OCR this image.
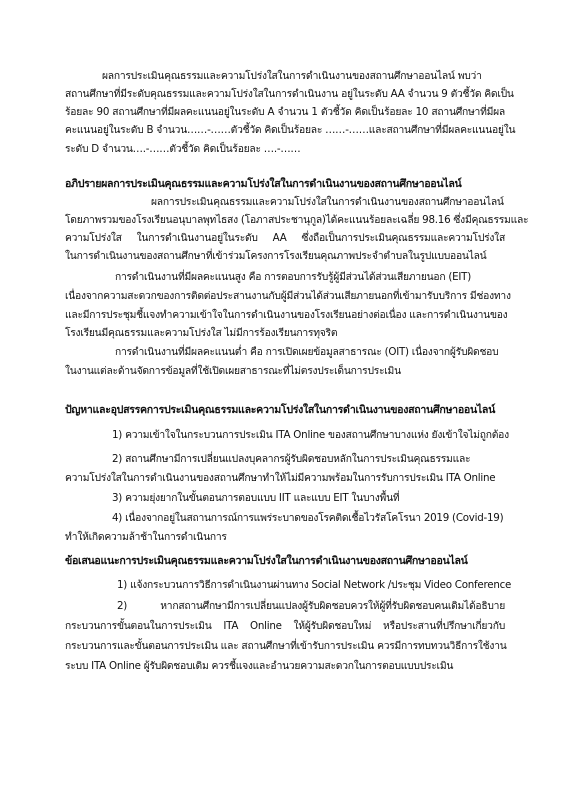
ผลการประเมินคุณธรรมและความโปร่งใสในการดำเนินงานของสถานศึกษาออนไลน์ พบว่า
สถานศึกษาที่มีระดับคุณธรรมและความโปร่งใสในการดำเนินงาน อยู่ในระดับ AA จำนวน 9 ตัวชี้วัด คิดเป็น
ร้อยละ 90 สถานศึกษาที่มีผลคะแนนอยู่ในระดับ A จำนวน 1 ตัวชี้วัด คิดเป็นร้อยละ 10 สถานศึกษาที่มีผล
คะแนนอยู่ในระดับ B จำนวน……-……ตัวชี้วัด คิดเป็นร้อยละ ……-……และสถานศึกษาที่มีผลคะแนนอยู่ใน
ระดับ D จำนวน….-……ตัวชี้วัด คิดเป็นร้อยละ ….-……
อภิปรายผลการประเมินคุณธรรมและความโปร่งใสในการดำเนินงานของสถานศึกษาออนไลน์
ผลการประเมินคุณธรรมและความโปร่งใสในการดำเนินงานของสถานศึกษาออนไลน์
โดยภาพรวมของโรงเรียนอนุบาลพุทไธสง (โอภาสประชานุกูล)ได้คะแนนร้อยละเฉลี่ย 98.16 ซึ่งมีคุณธรรมและ
ความโปร่งใส ในการดำเนินงานอยู่ในระดับ AA ซึ่งถือเป็นการประเมินคุณธรรมและความโปร่งใส
ในการดำเนินงานของสถานศึกษาที่เข้าร่วมโครงการโรงเรียนคุณภาพประจำตำบลในรูปแบบออนไลน์
การดำเนินงานที่มีผลคะแนนสูง คือ การตอบการรับรู้ผู้มีส่วนได้ส่วนเสียภายนอก (EIT)
เนื่องจากความสะดวกของการติดต่อประสานงานกับผู้มีส่วนได้ส่วนเสียภายนอกที่เข้ามารับบริการ มีช่องทาง
และมีการประชุมชี้แจงทำความเข้าใจในการดำเนินงานของโรงเรียนอย่างต่อเนื่อง และการดำเนินงานของ
โรงเรียนมีคุณธรรมและความโปร่งใส ไม่มีการร้องเรียนการทุจริต
การดำเนินงานที่มีผลคะแนนต่ำ คือ การเปิดเผยข้อมูลสาธารณะ (OIT) เนื่องจากผู้รับผิดชอบ
ในงานแต่ละด้านจัดการข้อมูลที่ใช้เปิดเผยสาธารณะที่ไม่ตรงประเด็นการประเมิน
ปัญหาและอุปสรรคการประเมินคุณธรรมและความโปร่งใสในการดำเนินงานของสถานศึกษาออนไลน์
1) ความเข้าใจในกระบวนการประเมิน ITA Online ของสถานศึกษาบางแห่ง ยังเข้าใจไม่ถูกต้อง
2) สถานศึกษามีการเปลี่ยนแปลงบุคลากรผู้รับผิดชอบหลักในการประเมินคุณธรรมและ
ความโปร่งใสในการดำเนินงานของสถานศึกษาทำให้ไม่มีความพร้อมในการรับการประเมิน ITA Online
3) ความยุ่งยากในขั้นตอนการตอบแบบ IIT และแบบ EIT ในบางพื้นที่
4) เนื่องจากอยู่ในสถานการณ์การแพร่ระบาดของโรคติดเชื้อไวรัสโคโรนา 2019 (Covid-19)
ทำให้เกิดความล้าช้าในการดำเนินการ
ข้อเสนอแนะการประเมินคุณธรรมและความโปร่งใสในการดำเนินงานของสถานศึกษาออนไลน์
1) แจ้งกระบวนการวิธีการดำเนินงานผ่านทาง Social Network /ประชุม Video Conference
2) หากสถานศึกษามีการเปลี่ยนแปลงผู้รับผิดชอบควรให้ผู้ที่รับผิดชอบคนเดิมได้อธิบาย
กระบวนการขั้นตอนในการประเมิน ITA Online ให้ผู้รับผิดชอบใหม่ หรือประสานที่ปรึกษาเกี่ยวกับ
กระบวนการและขั้นตอนการประเมิน และ สถานศึกษาที่เข้ารับการประเมิน ควรมีการทบทวนวิธีการใช้งาน
ระบบ ITA Online ผู้รับผิดชอบเดิม ควรชี้แจงและอำนวยความสะดวกในการตอบแบบประเมิน
